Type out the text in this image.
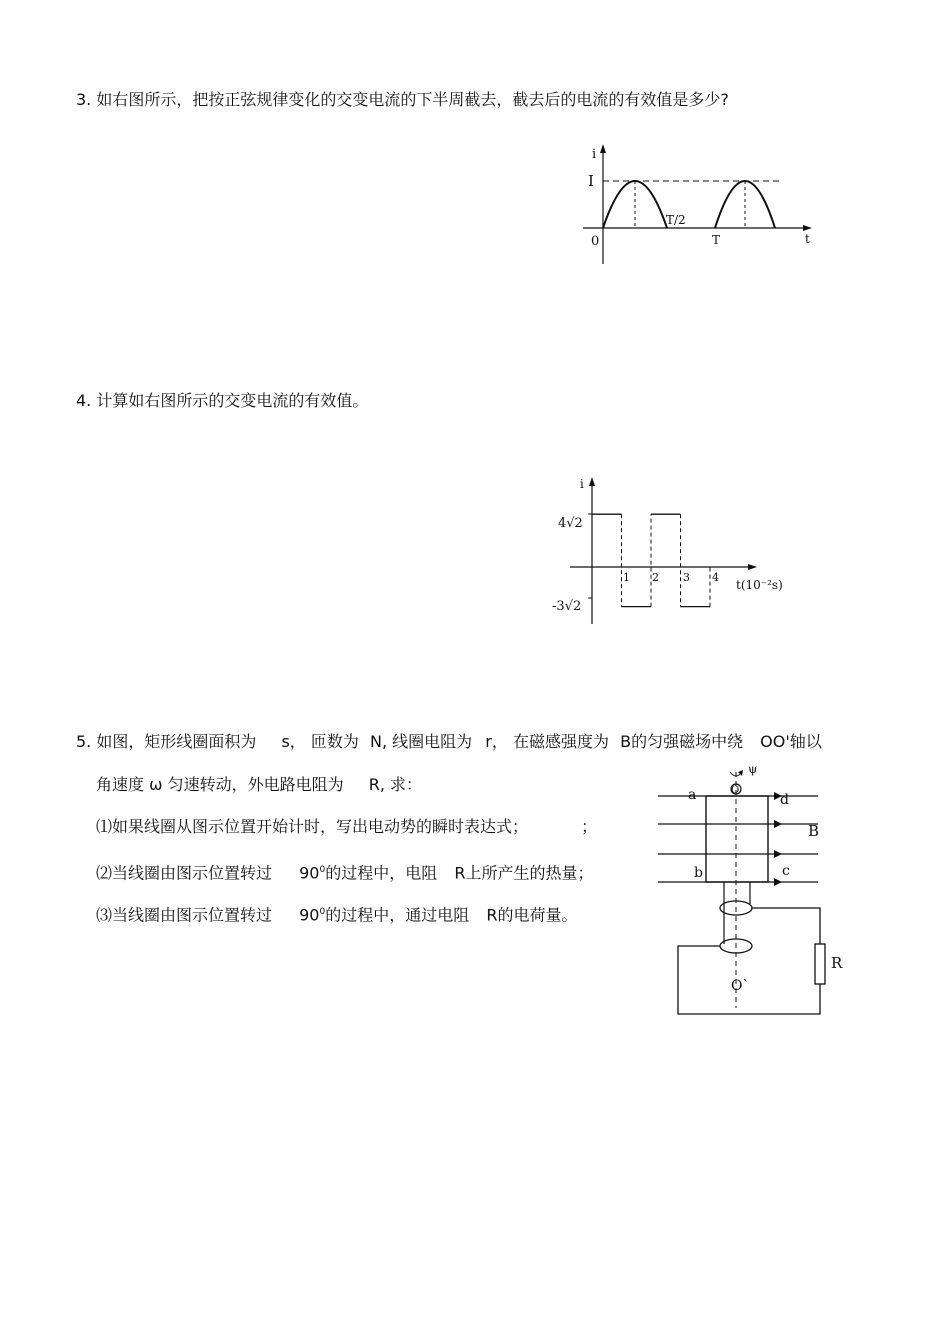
3. 如右图所示，把按正弦规律变化的交变电流的下半周截去，截去后的电流的有效值是多少?
i
I
0
T/2
T	t
4. 计算如右图所示的交变电流的有效值。
i
4√2
-3√2
1 2 3 4
t(10⁻²s)
5. 如图，矩形线圈面积为 s， 匝数为 N, 线圈电阻为 r， 在磁感强度为 B的匀强磁场中绕 OO'轴以
角速度 ω 匀速转动，外电路电阻为 R, 求：
⑴如果线圈从图示位置开始计时，写出电动势的瞬时表达式；	；
⑵当线圈由图示位置转过 $90^0$的过程中，电阻 R上所产生的热量；
⑶当线圈由图示位置转过 $90^0$的过程中，通过电阻 R的电荷量。
ψ
O
a	d
b	c
B
R
O`
